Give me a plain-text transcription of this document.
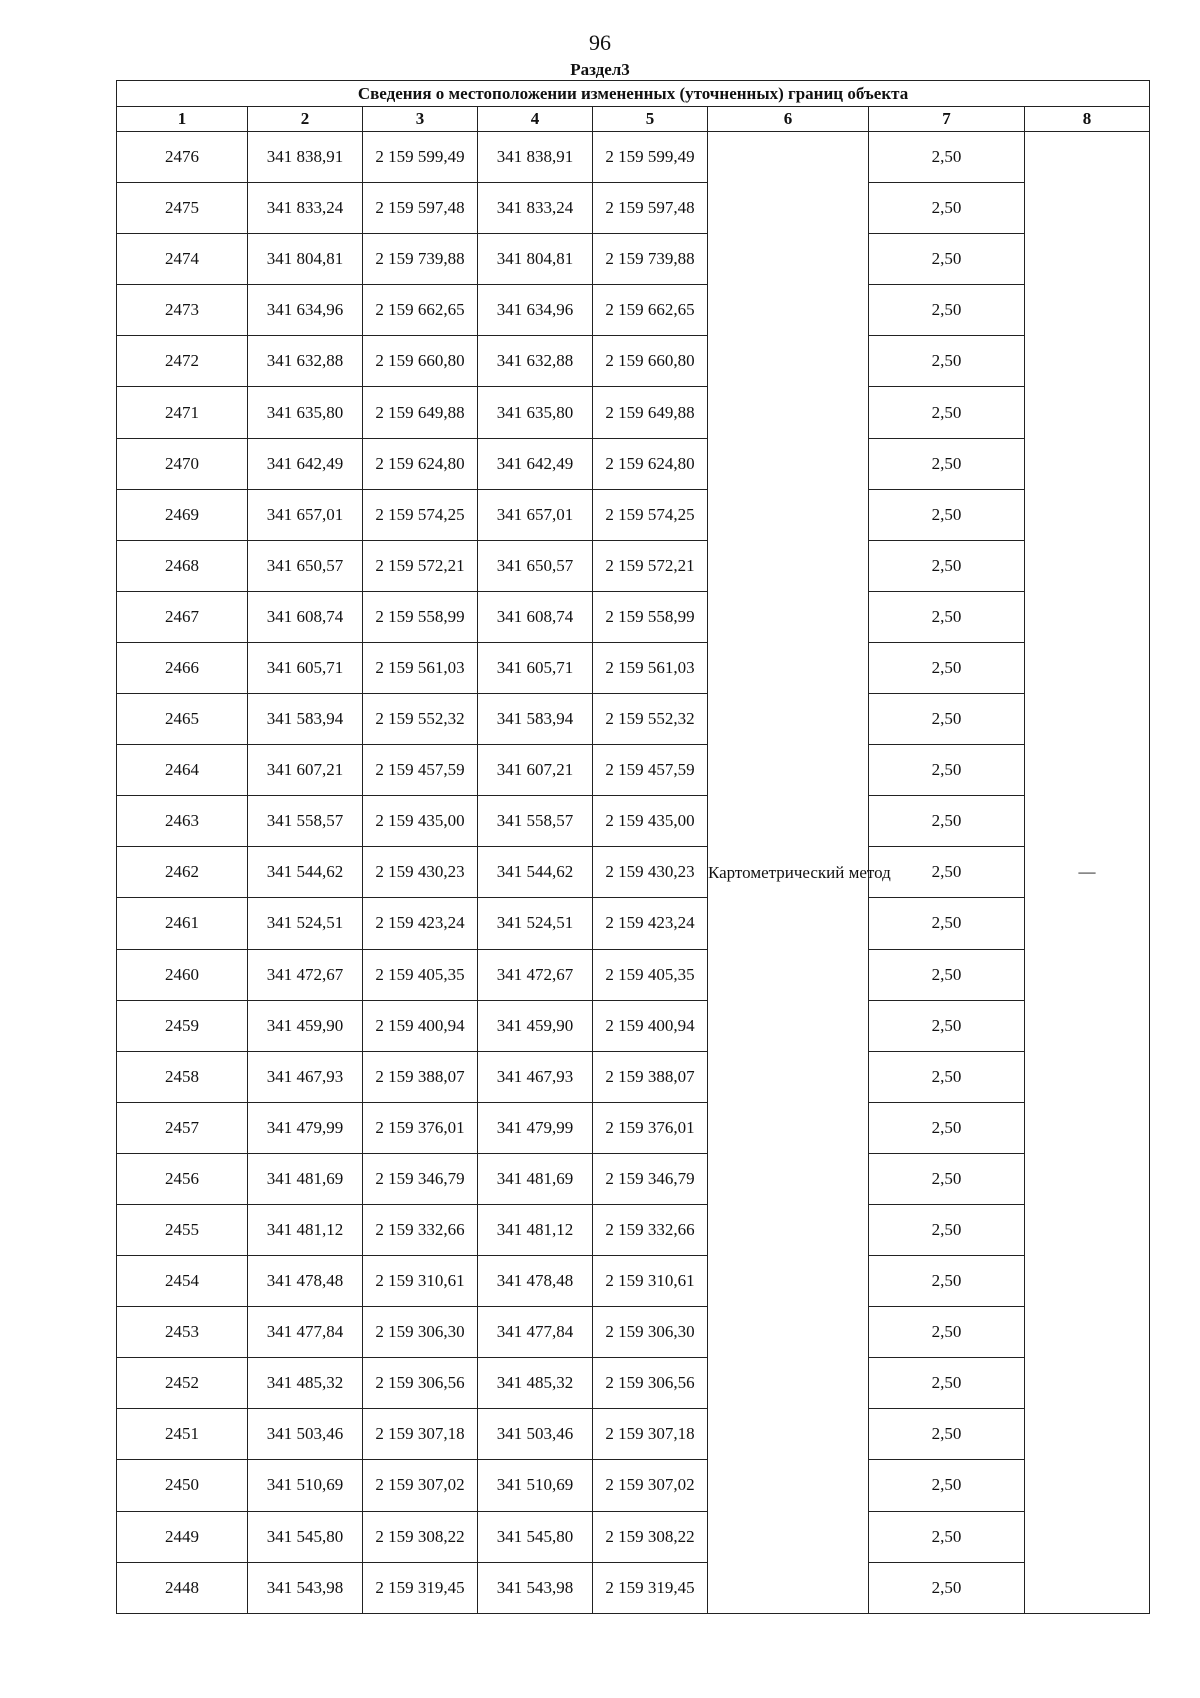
96
Раздел3
Сведения о местоположении измененных (уточненных) границ объекта							
1	2	3	4	5	6	7	8
2476	341 838,91	2 159 599,49	341 838,91	2 159 599,49	Картометрический метод	2,50	—
2475	341 833,24	2 159 597,48	341 833,24	2 159 597,48		2,50	
2474	341 804,81	2 159 739,88	341 804,81	2 159 739,88		2,50	
2473	341 634,96	2 159 662,65	341 634,96	2 159 662,65		2,50	
2472	341 632,88	2 159 660,80	341 632,88	2 159 660,80		2,50	
2471	341 635,80	2 159 649,88	341 635,80	2 159 649,88		2,50	
2470	341 642,49	2 159 624,80	341 642,49	2 159 624,80		2,50	
2469	341 657,01	2 159 574,25	341 657,01	2 159 574,25		2,50	
2468	341 650,57	2 159 572,21	341 650,57	2 159 572,21		2,50	
2467	341 608,74	2 159 558,99	341 608,74	2 159 558,99		2,50	
2466	341 605,71	2 159 561,03	341 605,71	2 159 561,03		2,50	
2465	341 583,94	2 159 552,32	341 583,94	2 159 552,32		2,50	
2464	341 607,21	2 159 457,59	341 607,21	2 159 457,59		2,50	
2463	341 558,57	2 159 435,00	341 558,57	2 159 435,00		2,50	
2462	341 544,62	2 159 430,23	341 544,62	2 159 430,23		2,50	
2461	341 524,51	2 159 423,24	341 524,51	2 159 423,24		2,50	
2460	341 472,67	2 159 405,35	341 472,67	2 159 405,35		2,50	
2459	341 459,90	2 159 400,94	341 459,90	2 159 400,94		2,50	
2458	341 467,93	2 159 388,07	341 467,93	2 159 388,07		2,50	
2457	341 479,99	2 159 376,01	341 479,99	2 159 376,01		2,50	
2456	341 481,69	2 159 346,79	341 481,69	2 159 346,79		2,50	
2455	341 481,12	2 159 332,66	341 481,12	2 159 332,66		2,50	
2454	341 478,48	2 159 310,61	341 478,48	2 159 310,61		2,50	
2453	341 477,84	2 159 306,30	341 477,84	2 159 306,30		2,50	
2452	341 485,32	2 159 306,56	341 485,32	2 159 306,56		2,50	
2451	341 503,46	2 159 307,18	341 503,46	2 159 307,18		2,50	
2450	341 510,69	2 159 307,02	341 510,69	2 159 307,02		2,50	
2449	341 545,80	2 159 308,22	341 545,80	2 159 308,22		2,50	
2448	341 543,98	2 159 319,45	341 543,98	2 159 319,45		2,50	
